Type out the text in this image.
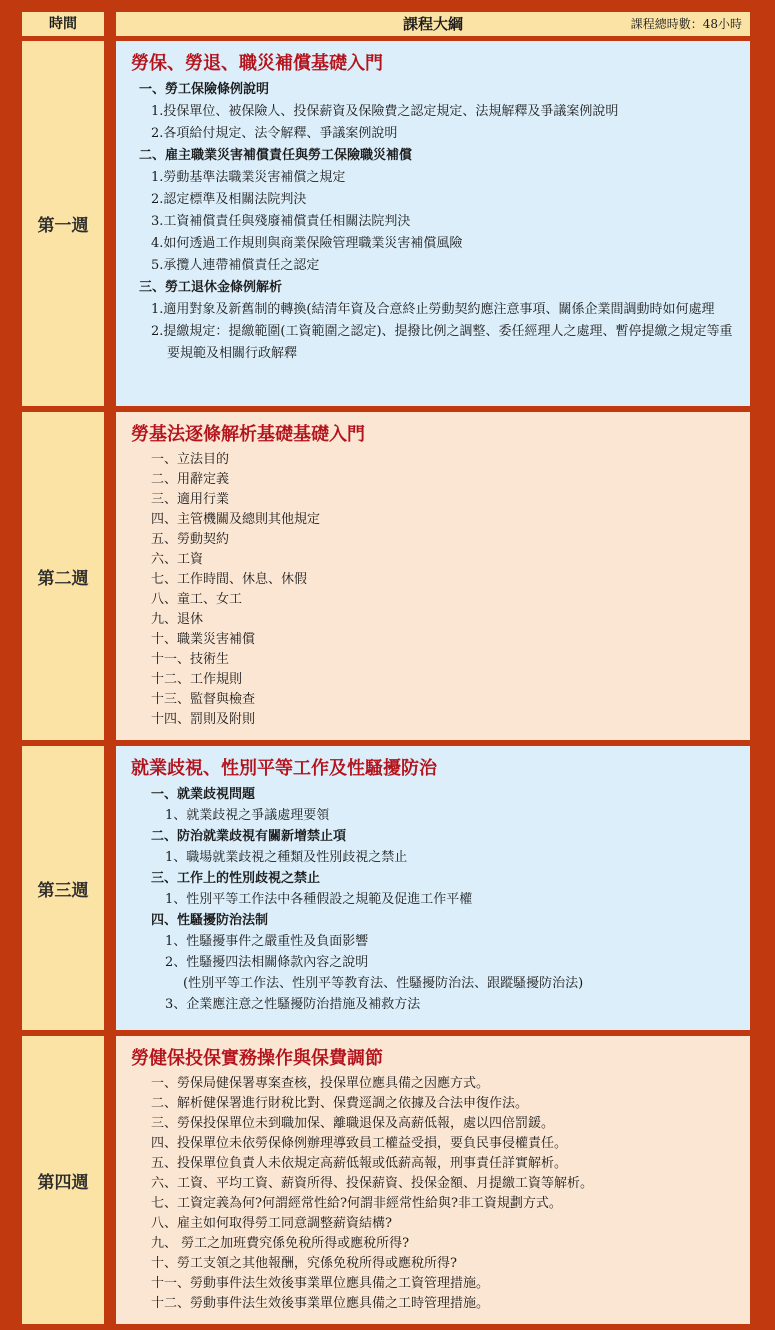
時間	課程大綱	課程總時數：48小時
第一週
勞保、勞退、職災補償基礎入門
一、勞工保險條例說明
1.投保單位、被保險人、投保薪資及保險費之認定規定、法規解釋及爭議案例說明
2.各項給付規定、法令解釋、爭議案例說明
二、雇主職業災害補償責任與勞工保險職災補償
1.勞動基準法職業災害補償之規定
2.認定標準及相關法院判決
3.工資補償責任與殘廢補償責任相關法院判決
4.如何透過工作規則與商業保險管理職業災害補償風險
5.承攬人連帶補償責任之認定
三、勞工退休金條例解析
1.適用對象及新舊制的轉換(結清年資及合意終止勞動契約應注意事項、關係企業間調動時如何處理
2.提繳規定：提繳範圍(工資範圍之認定)、提撥比例之調整、委任經理人之處理、暫停提繳之規定等重要規範及相關行政解釋
第二週
勞基法逐條解析基礎基礎入門
一、立法目的
二、用辭定義
三、適用行業
四、主管機關及總則其他規定
五、勞動契約
六、工資
七、工作時間、休息、休假
八、童工、女工
九、退休
十、職業災害補償
十一、技術生
十二、工作規則
十三、監督與檢查
十四、罰則及附則
第三週
就業歧視、性別平等工作及性騷擾防治
一、就業歧視問題
1、就業歧視之爭議處理要領
二、防治就業歧視有關新增禁止項
1、職場就業歧視之種類及性別歧視之禁止
三、工作上的性別歧視之禁止
1、性別平等工作法中各種假設之規範及促進工作平權
四、性騷擾防治法制
1、性騷擾事件之嚴重性及負面影響
2、性騷擾四法相關條款內容之說明
(性別平等工作法、性別平等教育法、性騷擾防治法、跟蹤騷擾防治法)
3、企業應注意之性騷擾防治措施及補救方法
第四週
勞健保投保實務操作與保費調節
一、勞保局健保署專案查核，投保單位應具備之因應方式。
二、解析健保署進行財稅比對、保費逕調之依據及合法申復作法。
三、勞保投保單位未到職加保、離職退保及高薪低報，處以四倍罰鍰。
四、投保單位未依勞保條例辦理導致員工權益受損，要負民事侵權責任。
五、投保單位負責人未依規定高薪低報或低薪高報，刑事責任詳實解析。
六、工資、平均工資、薪資所得、投保薪資、投保金額、月提繳工資等解析。
七、工資定義為何?何謂經常性給?何謂非經常性給與?非工資規劃方式。
八、雇主如何取得勞工同意調整薪資結構?
九、 勞工之加班費究係免稅所得或應稅所得?
十、勞工支領之其他報酬，究係免稅所得或應稅所得?
十一、勞動事件法生效後事業單位應具備之工資管理措施。
十二、勞動事件法生效後事業單位應具備之工時管理措施。
